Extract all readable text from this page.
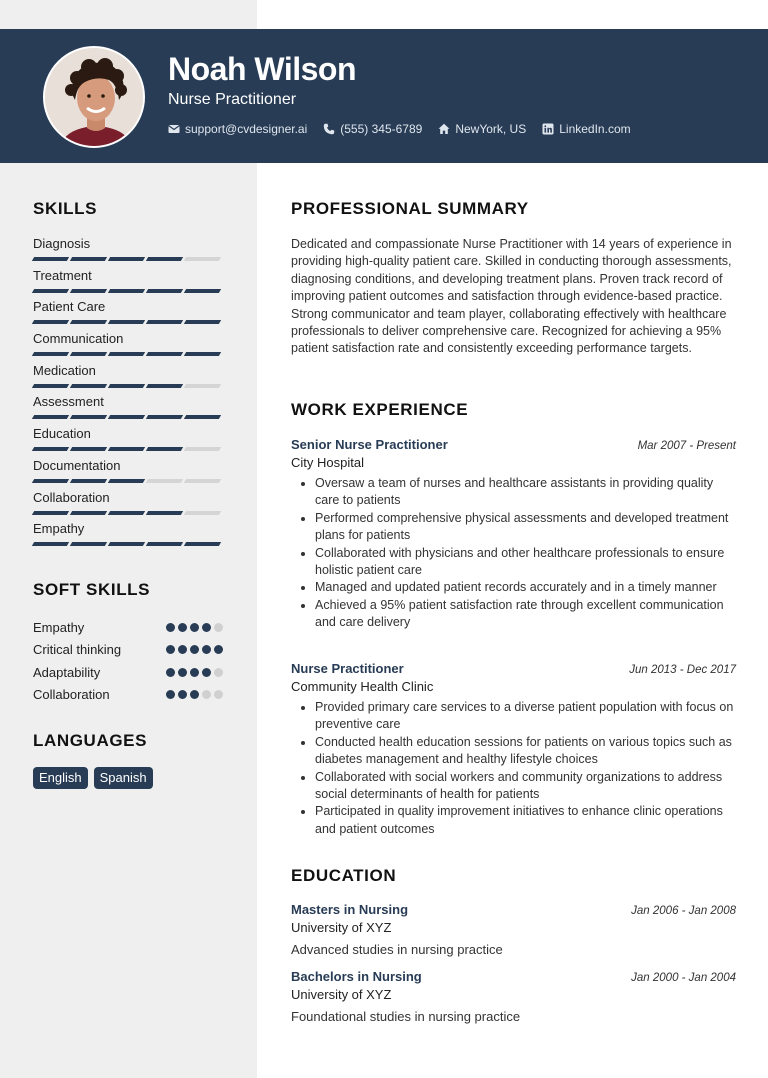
Noah Wilson
Nurse Practitioner
support@cvdesigner.ai	(555) 345-6789	NewYork, US	LinkedIn.com
SKILLS
Diagnosis
Treatment
Patient Care
Communication
Medication
Assessment
Education
Documentation
Collaboration
Empathy
SOFT SKILLS
Empathy
Critical thinking
Adaptability
Collaboration
LANGUAGES
English	Spanish
PROFESSIONAL SUMMARY
Dedicated and compassionate Nurse Practitioner with 14 years of experience in providing high-quality patient care. Skilled in conducting thorough assessments, diagnosing conditions, and developing treatment plans. Proven track record of improving patient outcomes and satisfaction through evidence-based practice. Strong communicator and team player, collaborating effectively with healthcare professionals to deliver comprehensive care. Recognized for achieving a 95% patient satisfaction rate and consistently exceeding performance targets.
WORK EXPERIENCE
Senior Nurse Practitioner	Mar 2007 - Present
City Hospital
Oversaw a team of nurses and healthcare assistants in providing quality care to patients
Performed comprehensive physical assessments and developed treatment plans for patients
Collaborated with physicians and other healthcare professionals to ensure holistic patient care
Managed and updated patient records accurately and in a timely manner
Achieved a 95% patient satisfaction rate through excellent communication and care delivery
Nurse Practitioner	Jun 2013 - Dec 2017
Community Health Clinic
Provided primary care services to a diverse patient population with focus on preventive care
Conducted health education sessions for patients on various topics such as diabetes management and healthy lifestyle choices
Collaborated with social workers and community organizations to address social determinants of health for patients
Participated in quality improvement initiatives to enhance clinic operations and patient outcomes
EDUCATION
Masters in Nursing	Jan 2006 - Jan 2008
University of XYZ
Advanced studies in nursing practice
Bachelors in Nursing	Jan 2000 - Jan 2004
University of XYZ
Foundational studies in nursing practice
